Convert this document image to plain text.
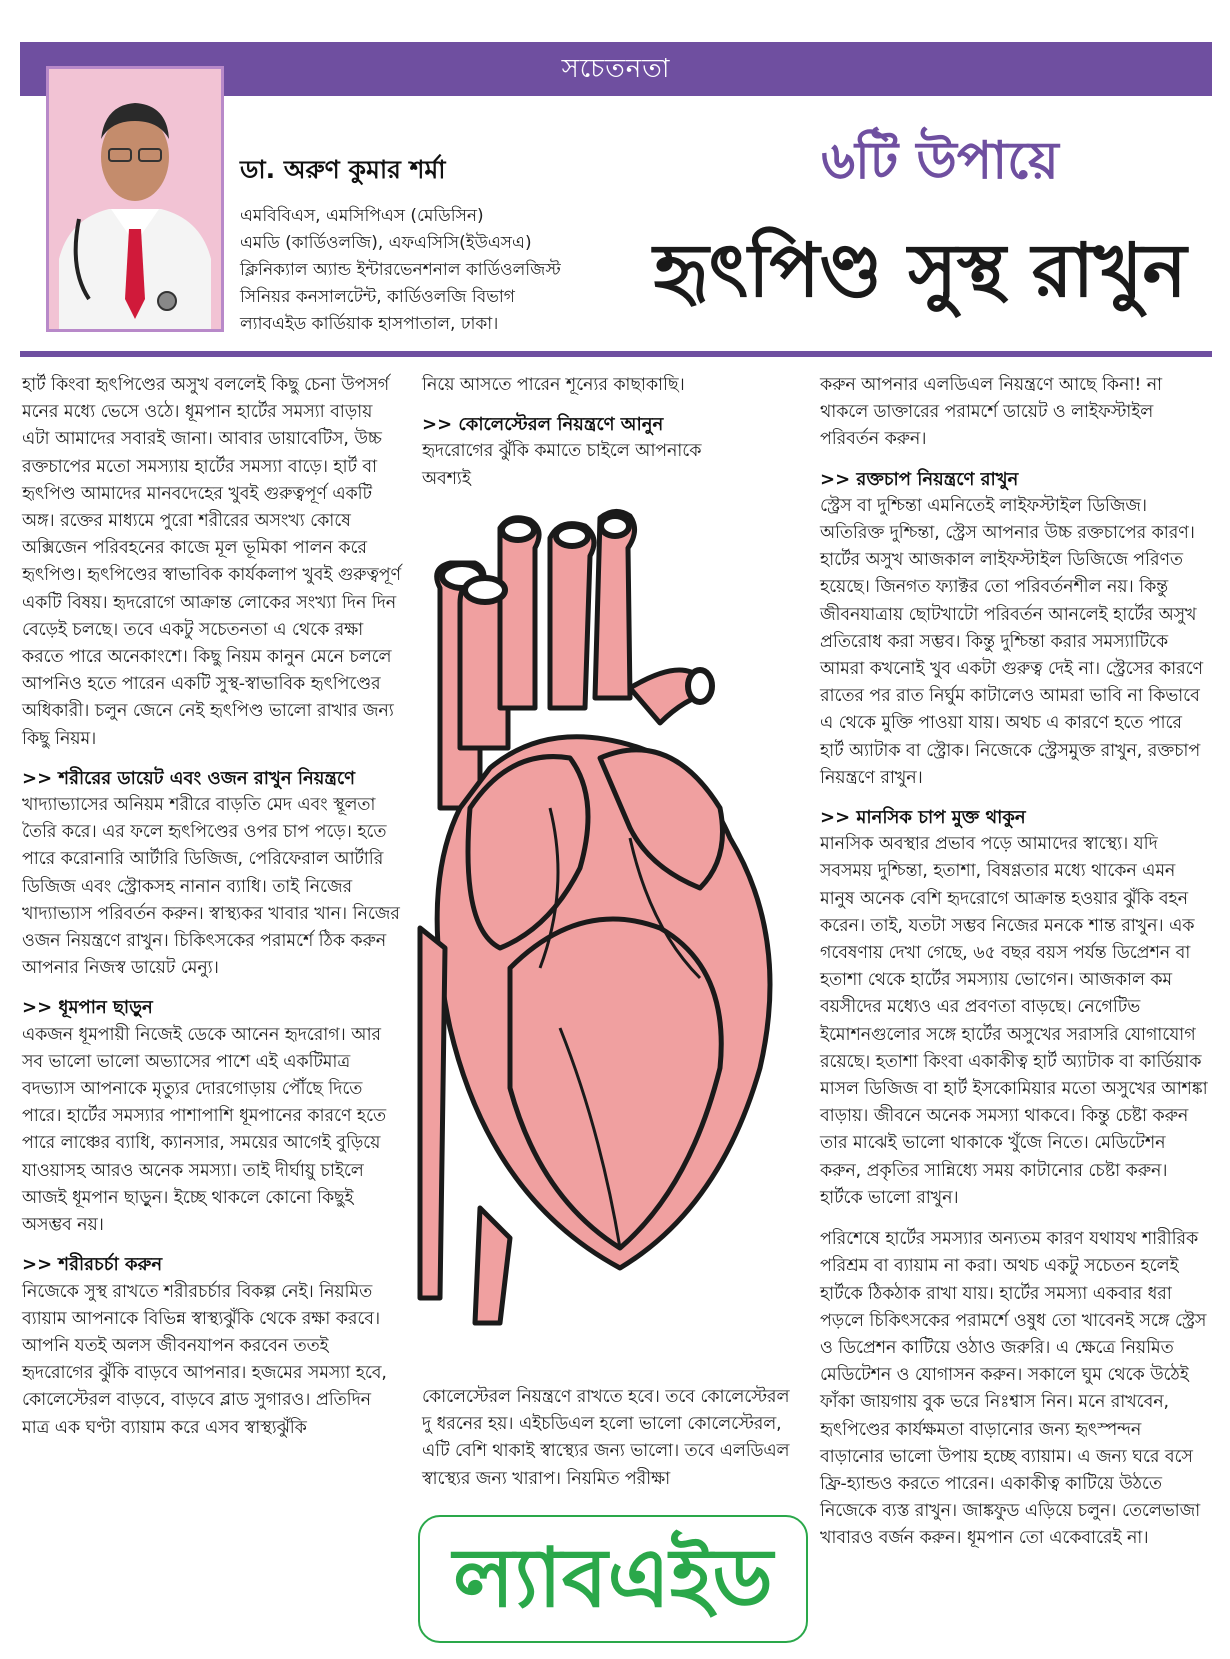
সচেতনতা
ডা. অরুণ কুমার শর্মা
এমবিবিএস, এমসিপিএস (মেডিসিন)
এমডি (কার্ডিওলজি), এফএসিসি(ইউএসএ)
ক্লিনিক্যাল অ্যান্ড ইন্টারভেনশনাল কার্ডিওলজিস্ট
সিনিয়র কনসালটেন্ট, কার্ডিওলজি বিভাগ
ল্যাবএইড কার্ডিয়াক হাসপাতাল, ঢাকা।
৬টি উপায়ে
হৃৎপিণ্ড সুস্থ রাখুন

হার্ট কিংবা হৃৎপিণ্ডের অসুখ বললেই কিছু চেনা উপসর্গ মনের মধ্যে ভেসে ওঠে। ধূমপান হার্টের সমস্যা বাড়ায় এটা আমাদের সবারই জানা। আবার ডায়াবেটিস, উচ্চ রক্তচাপের মতো সমস্যায় হার্টের সমস্যা বাড়ে। হার্ট বা হৃৎপিণ্ড আমাদের মানবদেহের খুবই গুরুত্বপূর্ণ একটি অঙ্গ। রক্তের মাধ্যমে পুরো শরীরের অসংখ্য কোষে অক্সিজেন পরিবহনের কাজে মূল ভূমিকা পালন করে হৃৎপিণ্ড। হৃৎপিণ্ডের স্বাভাবিক কার্যকলাপ খুবই গুরুত্বপূর্ণ একটি বিষয়। হৃদরোগে আক্রান্ত লোকের সংখ্যা দিন দিন বেড়েই চলছে। তবে একটু সচেতনতা এ থেকে রক্ষা করতে পারে অনেকাংশে। কিছু নিয়ম কানুন মেনে চললে আপনিও হতে পারেন একটি সুস্থ-স্বাভাবিক হৃৎপিণ্ডের অধিকারী। চলুন জেনে নেই হৃৎপিণ্ড ভালো রাখার জন্য কিছু নিয়ম।

>> শরীরের ডায়েট এবং ওজন রাখুন নিয়ন্ত্রণে

খাদ্যাভ্যাসের অনিয়ম শরীরে বাড়তি মেদ এবং স্থূলতা তৈরি করে। এর ফলে হৃৎপিণ্ডের ওপর চাপ পড়ে। হতে পারে করোনারি আর্টারি ডিজিজ, পেরিফেরাল আর্টারি ডিজিজ এবং স্ট্রোকসহ নানান ব্যাধি। তাই নিজের খাদ্যাভ্যাস পরিবর্তন করুন। স্বাস্থ্যকর খাবার খান। নিজের ওজন নিয়ন্ত্রণে রাখুন। চিকিৎসকের পরামর্শে ঠিক করুন আপনার নিজস্ব ডায়েট মেন্যু।

>> ধূমপান ছাড়ুন

একজন ধূমপায়ী নিজেই ডেকে আনেন হৃদরোগ। আর সব ভালো ভালো অভ্যাসের পাশে এই একটিমাত্র বদভ্যাস আপনাকে মৃত্যুর দোরগোড়ায় পৌঁছে দিতে পারে। হার্টের সমস্যার পাশাপাশি ধূমপানের কারণে হতে পারে লাঞ্চের ব্যাধি, ক্যানসার, সময়ের আগেই বুড়িয়ে যাওয়াসহ আরও অনেক সমস্যা। তাই দীর্ঘায়ু চাইলে আজই ধূমপান ছাড়ুন। ইচ্ছে থাকলে কোনো কিছুই অসম্ভব নয়।

>> শরীরচর্চা করুন

নিজেকে সুস্থ রাখতে শরীরচর্চার বিকল্প নেই। নিয়মিত ব্যায়াম আপনাকে বিভিন্ন স্বাস্থ্যঝুঁকি থেকে রক্ষা করবে। আপনি যতই অলস জীবনযাপন করবেন ততই হৃদরোগের ঝুঁকি বাড়বে আপনার। হজমের সমস্যা হবে, কোলেস্টেরল বাড়বে, বাড়বে ব্লাড সুগারও। প্রতিদিন মাত্র এক ঘণ্টা ব্যায়াম করে এসব স্বাস্থ্যঝুঁকি

নিয়ে আসতে পারেন শূন্যের কাছাকাছি।

>> কোলেস্টেরল নিয়ন্ত্রণে আনুন

হৃদরোগের ঝুঁকি কমাতে চাইলে আপনাকে অবশ্যই

কোলেস্টেরল নিয়ন্ত্রণে রাখতে হবে। তবে কোলেস্টেরল দু ধরনের হয়। এইচডিএল হলো ভালো কোলেস্টেরল, এটি বেশি থাকাই স্বাস্থ্যের জন্য ভালো। তবে এলডিএল স্বাস্থ্যের জন্য খারাপ। নিয়মিত পরীক্ষা

ল্যাবএইড

করুন আপনার এলডিএল নিয়ন্ত্রণে আছে কিনা! না থাকলে ডাক্তারের পরামর্শে ডায়েট ও লাইফস্টাইল পরিবর্তন করুন।

>> রক্তচাপ নিয়ন্ত্রণে রাখুন

স্ট্রেস বা দুশ্চিন্তা এমনিতেই লাইফস্টাইল ডিজিজ। অতিরিক্ত দুশ্চিন্তা, স্ট্রেস আপনার উচ্চ রক্তচাপের কারণ। হার্টের অসুখ আজকাল লাইফস্টাইল ডিজিজে পরিণত হয়েছে। জিনগত ফ্যাক্টর তো পরিবর্তনশীল নয়। কিন্তু জীবনযাত্রায় ছোটখাটো পরিবর্তন আনলেই হার্টের অসুখ প্রতিরোধ করা সম্ভব। কিন্তু দুশ্চিন্তা করার সমস্যাটিকে আমরা কখনোই খুব একটা গুরুত্ব দেই না। স্ট্রেসের কারণে রাতের পর রাত নির্ঘুম কাটালেও আমরা ভাবি না কিভাবে এ থেকে মুক্তি পাওয়া যায়। অথচ এ কারণে হতে পারে হার্ট অ্যাটাক বা স্ট্রোক। নিজেকে স্ট্রেসমুক্ত রাখুন, রক্তচাপ নিয়ন্ত্রণে রাখুন।

>> মানসিক চাপ মুক্ত থাকুন

মানসিক অবস্থার প্রভাব পড়ে আমাদের স্বাস্থ্যে। যদি সবসময় দুশ্চিন্তা, হতাশা, বিষণ্ণতার মধ্যে থাকেন এমন মানুষ অনেক বেশি হৃদরোগে আক্রান্ত হওয়ার ঝুঁকি বহন করেন। তাই, যতটা সম্ভব নিজের মনকে শান্ত রাখুন। এক গবেষণায় দেখা গেছে, ৬৫ বছর বয়স পর্যন্ত ডিপ্রেশন বা হতাশা থেকে হার্টের সমস্যায় ভোগেন। আজকাল কম বয়সীদের মধ্যেও এর প্রবণতা বাড়ছে। নেগেটিভ ইমোশনগুলোর সঙ্গে হার্টের অসুখের সরাসরি যোগাযোগ রয়েছে। হতাশা কিংবা একাকীত্ব হার্ট অ্যাটাক বা কার্ডিয়াক মাসল ডিজিজ বা হার্ট ইসকোমিয়ার মতো অসুখের আশঙ্কা বাড়ায়। জীবনে অনেক সমস্যা থাকবে। কিন্তু চেষ্টা করুন তার মাঝেই ভালো থাকাকে খুঁজে নিতে। মেডিটেশন করুন, প্রকৃতির সান্নিধ্যে সময় কাটানোর চেষ্টা করুন। হার্টকে ভালো রাখুন।

পরিশেষে হার্টের সমস্যার অন্যতম কারণ যথাযথ শারীরিক পরিশ্রম বা ব্যায়াম না করা। অথচ একটু সচেতন হলেই হার্টকে ঠিকঠাক রাখা যায়। হার্টের সমস্যা একবার ধরা পড়লে চিকিৎসকের পরামর্শে ওষুধ তো খাবেনই সঙ্গে স্ট্রেস ও ডিপ্রেশন কাটিয়ে ওঠাও জরুরি। এ ক্ষেত্রে নিয়মিত মেডিটেশন ও যোগাসন করুন। সকালে ঘুম থেকে উঠেই ফাঁকা জায়গায় বুক ভরে নিঃশ্বাস নিন। মনে রাখবেন, হৃৎপিণ্ডের কার্যক্ষমতা বাড়ানোর জন্য হৃৎস্পন্দন বাড়ানোর ভালো উপায় হচ্ছে ব্যায়াম। এ জন্য ঘরে বসে ফ্রি-হ্যান্ডও করতে পারেন। একাকীত্ব কাটিয়ে উঠতে নিজেকে ব্যস্ত রাখুন। জাঙ্কফুড এড়িয়ে চলুন। তেলেভাজা খাবারও বর্জন করুন। ধূমপান তো একেবারেই না।
